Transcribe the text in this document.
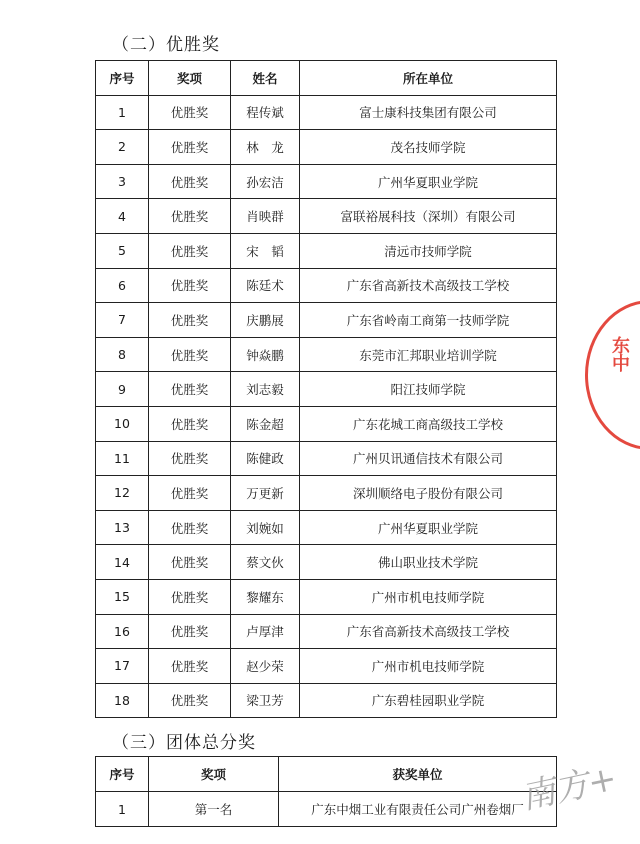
（二）优胜奖
序号	奖项	姓名	所在单位
1	优胜奖	程传斌	富士康科技集团有限公司
2	优胜奖	林　龙	茂名技师学院
3	优胜奖	孙宏洁	广州华夏职业学院
4	优胜奖	肖映群	富联裕展科技（深圳）有限公司
5	优胜奖	宋　韬	清远市技师学院
6	优胜奖	陈廷术	广东省高新技术高级技工学校
7	优胜奖	庆鹏展	广东省岭南工商第一技师学院
8	优胜奖	钟焱鹏	东莞市汇邦职业培训学院
9	优胜奖	刘志毅	阳江技师学院
10	优胜奖	陈金超	广东花城工商高级技工学校
11	优胜奖	陈健政	广州贝讯通信技术有限公司
12	优胜奖	万更新	深圳顺络电子股份有限公司
13	优胜奖	刘婉如	广州华夏职业学院
14	优胜奖	蔡文伙	佛山职业技术学院
15	优胜奖	黎耀东	广州市机电技师学院
16	优胜奖	卢厚津	广东省高新技术高级技工学校
17	优胜奖	赵少荣	广州市机电技师学院
18	优胜奖	梁卫芳	广东碧桂园职业学院
（三）团体总分奖
序号	奖项	获奖单位
1	第一名	广东中烟工业有限责任公司广州卷烟厂
东中
南方+
